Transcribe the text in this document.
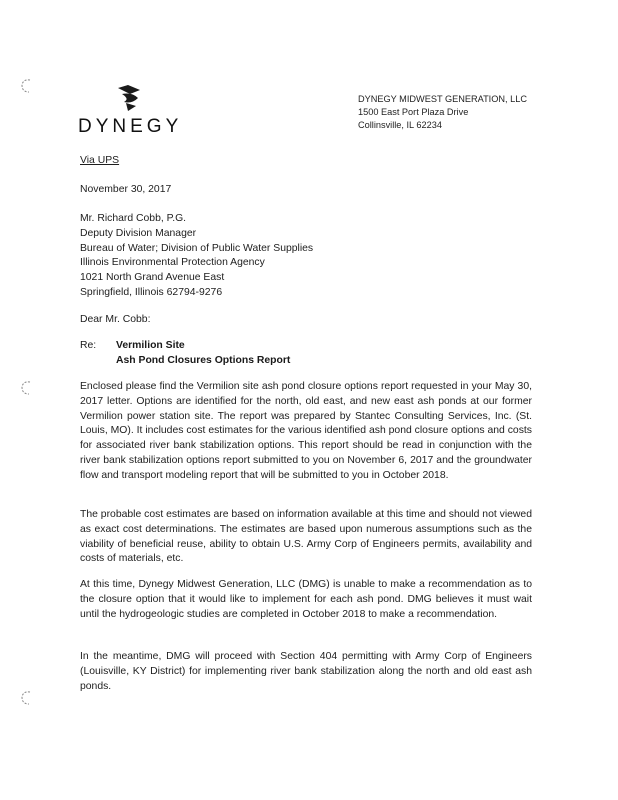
DYNEGY
DYNEGY MIDWEST GENERATION, LLC
1500 East Port Plaza Drive
Collinsville, IL 62234
Via UPS
November 30, 2017
Mr. Richard Cobb, P.G.
Deputy Division Manager
Bureau of Water; Division of Public Water Supplies
Illinois Environmental Protection Agency
1021 North Grand Avenue East
Springfield, Illinois 62794-9276
Dear Mr. Cobb:
Re: Vermilion Site
Ash Pond Closures Options Report
Enclosed please find the Vermilion site ash pond closure options report requested in your May 30, 2017 letter. Options are identified for the north, old east, and new east ash ponds at our former Vermilion power station site. The report was prepared by Stantec Consulting Services, Inc. (St. Louis, MO). It includes cost estimates for the various identified ash pond closure options and costs for associated river bank stabilization options. This report should be read in conjunction with the river bank stabilization options report submitted to you on November 6, 2017 and the groundwater flow and transport modeling report that will be submitted to you in October 2018.
The probable cost estimates are based on information available at this time and should not viewed as exact cost determinations. The estimates are based upon numerous assumptions such as the viability of beneficial reuse, ability to obtain U.S. Army Corp of Engineers permits, availability and costs of materials, etc.
At this time, Dynegy Midwest Generation, LLC (DMG) is unable to make a recommendation as to the closure option that it would like to implement for each ash pond. DMG believes it must wait until the hydrogeologic studies are completed in October 2018 to make a recommendation.
In the meantime, DMG will proceed with Section 404 permitting with Army Corp of Engineers (Louisville, KY District) for implementing river bank stabilization along the north and old east ash ponds.
